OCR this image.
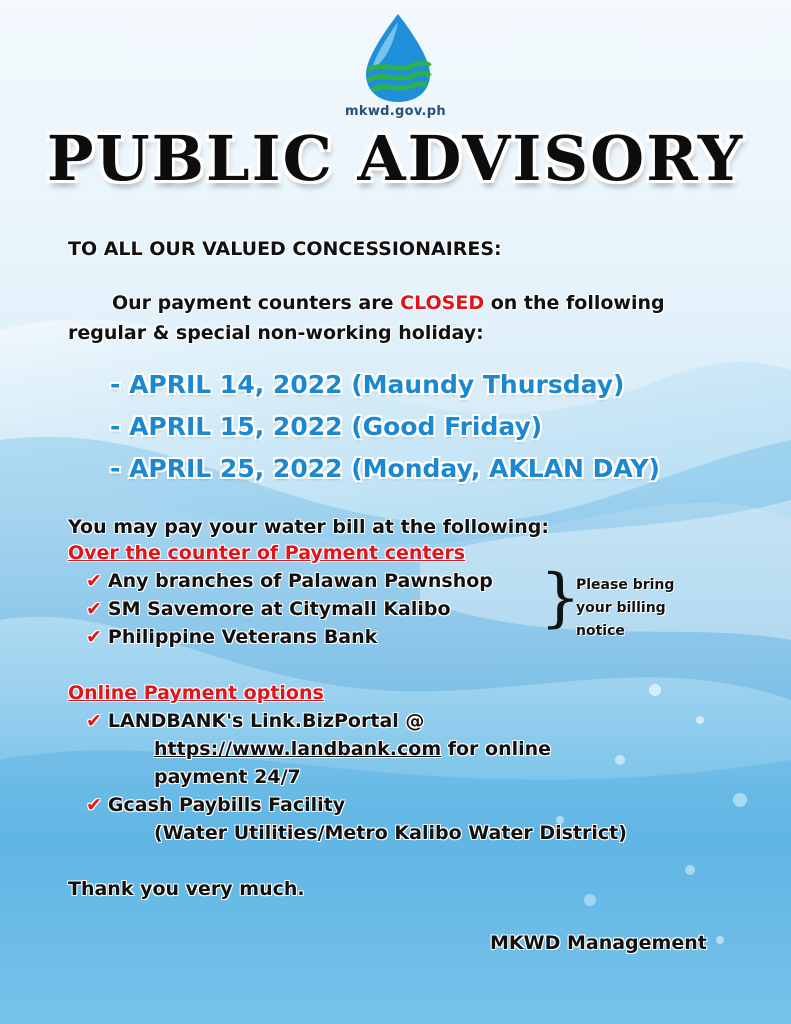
mkwd.gov.ph
PUBLIC ADVISORY
TO ALL OUR VALUED CONCESSIONAIRES:
Our payment counters are CLOSED on the following
regular & special non-working holiday:
- APRIL 14, 2022 (Maundy Thursday)
- APRIL 15, 2022 (Good Friday)
- APRIL 25, 2022 (Monday, AKLAN DAY)
You may pay your water bill at the following:
Over the counter of Payment centers
✔ Any branches of Palawan Pawnshop
✔ SM Savemore at Citymall Kalibo
✔ Philippine Veterans Bank
}
Please bring your billing notice
Online Payment options
✔ LANDBANK's Link.BizPortal @
https://www.landbank.com for online
payment 24/7
✔ Gcash Paybills Facility
(Water Utilities/Metro Kalibo Water District)
Thank you very much.
MKWD Management
